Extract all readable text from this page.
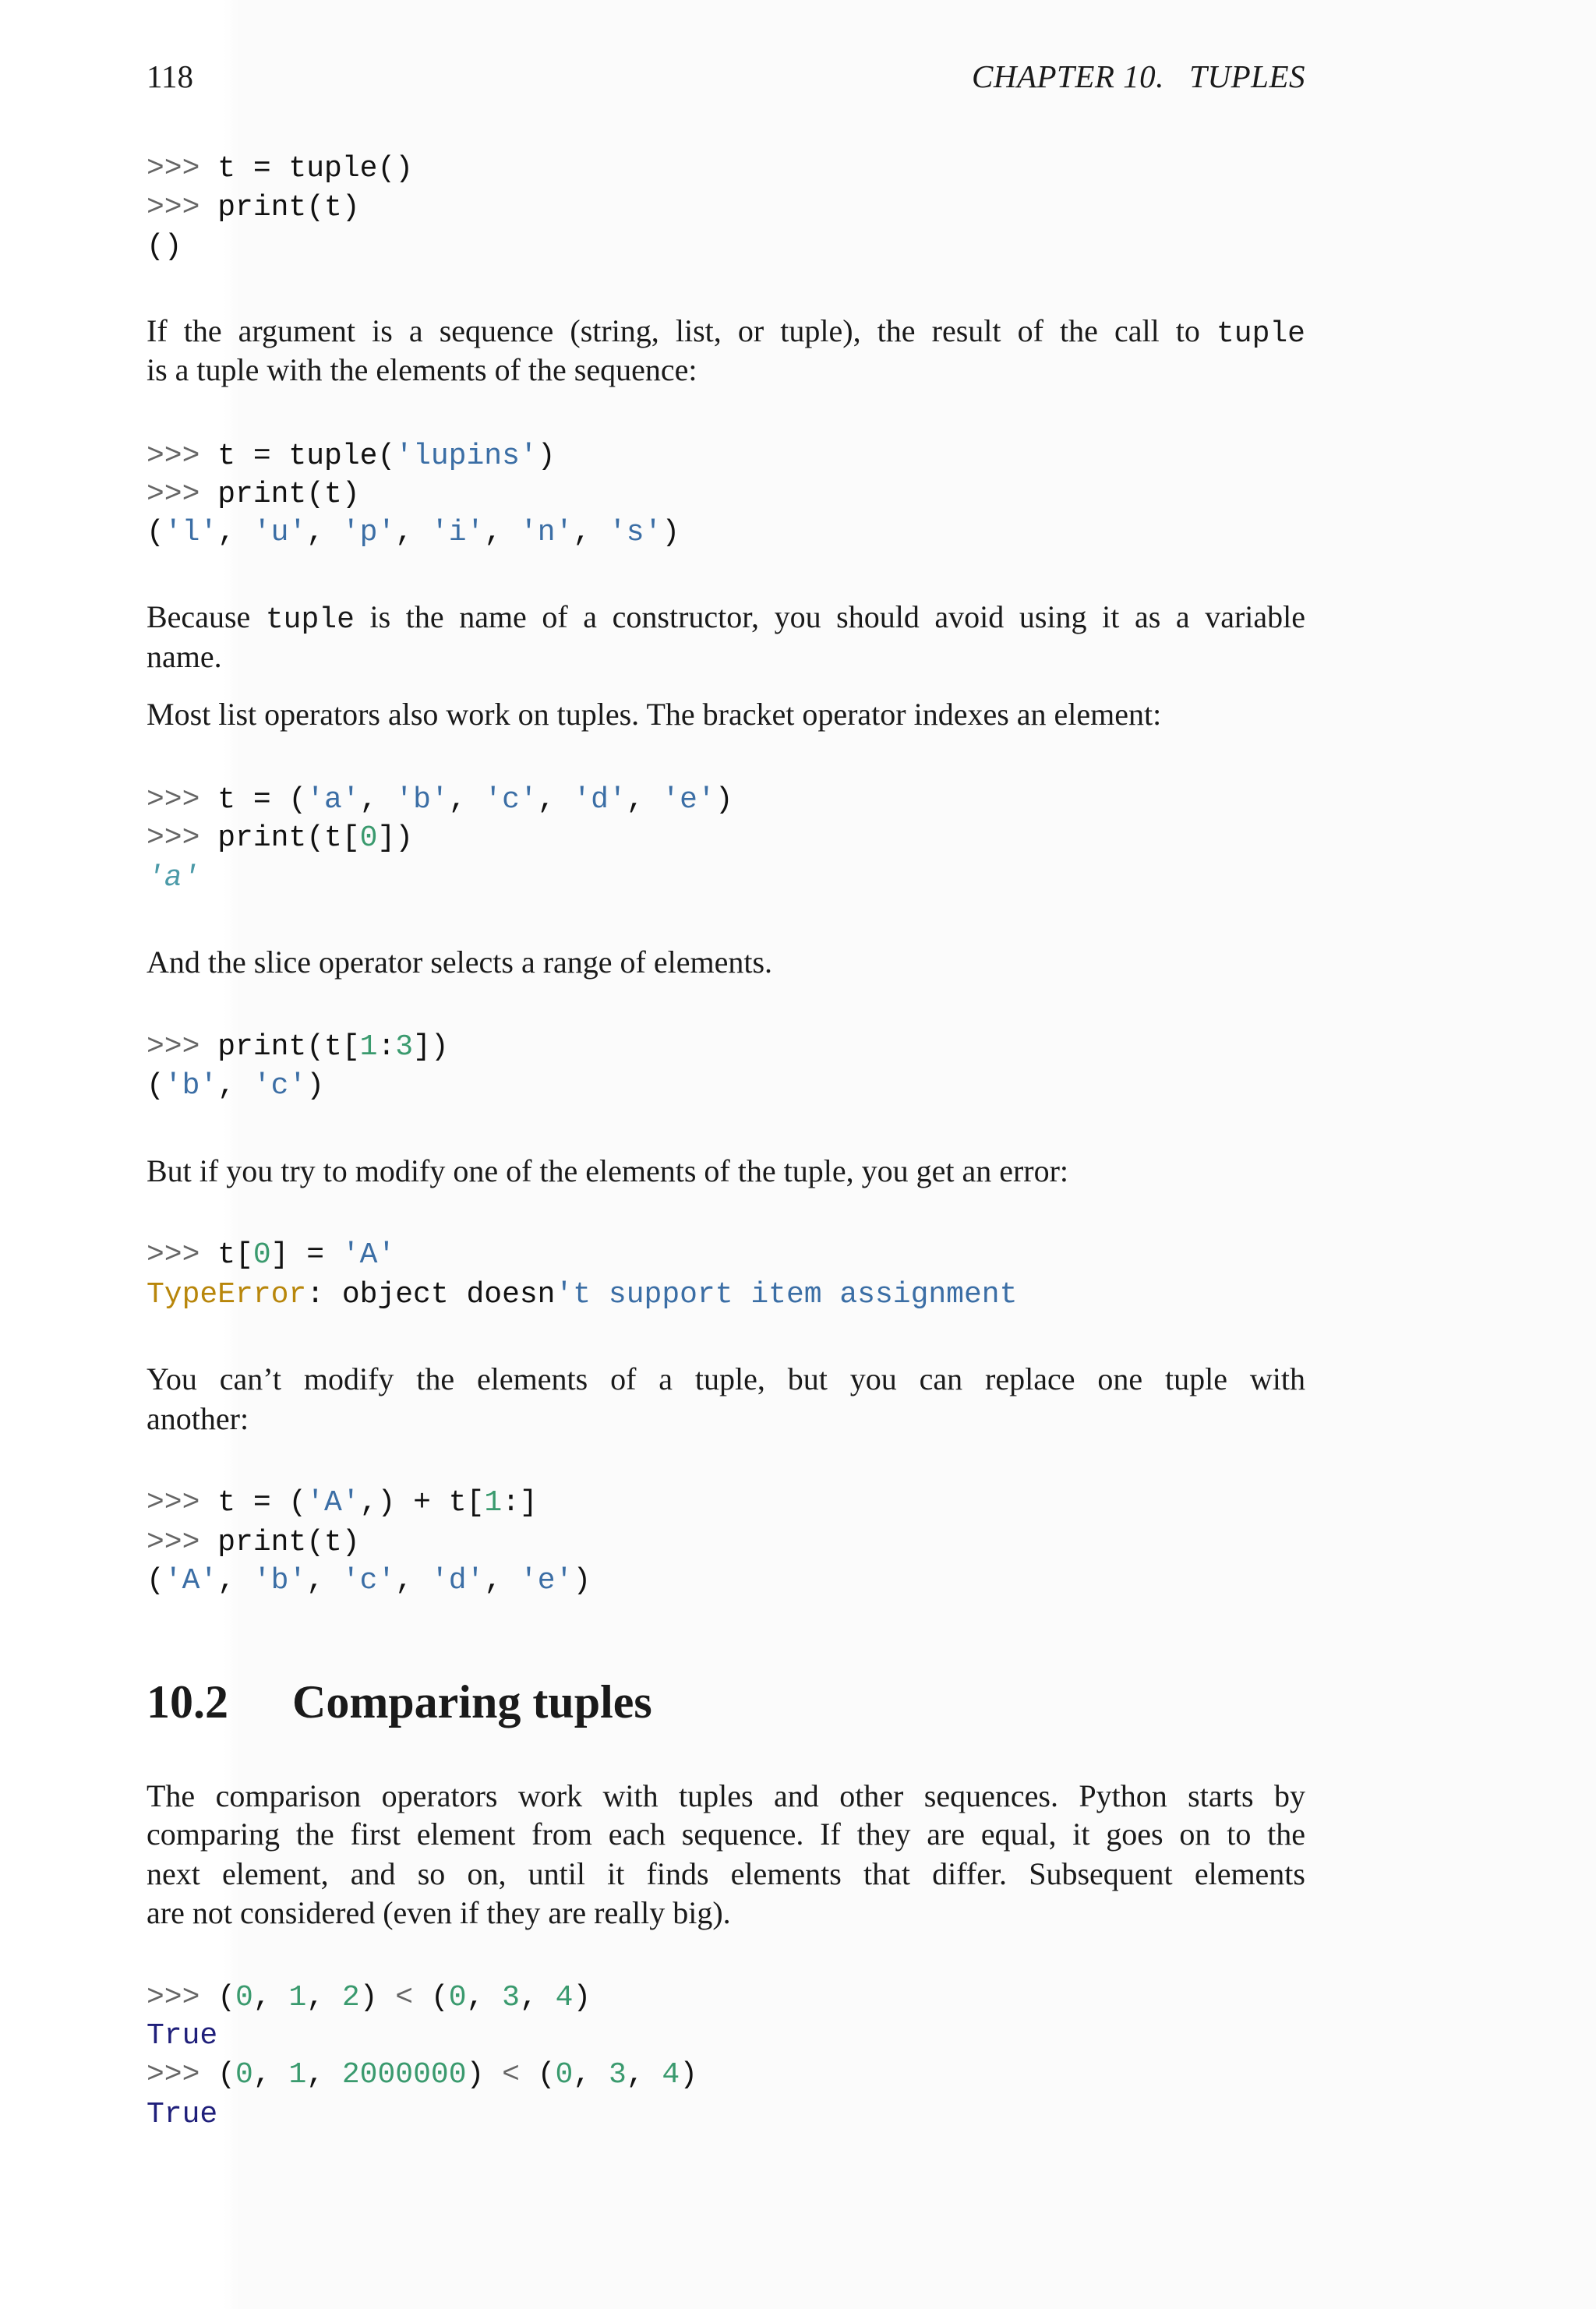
118	CHAPTER 10.   TUPLES
>>> t = tuple()
>>> print(t)
()
If the argument is a sequence (string, list, or tuple), the result of the call to tuple
is a tuple with the elements of the sequence:
>>> t = tuple('lupins')
>>> print(t)
('l', 'u', 'p', 'i', 'n', 's')
Because tuple is the name of a constructor, you should avoid using it as a variable
name.
Most list operators also work on tuples. The bracket operator indexes an element:
>>> t = ('a', 'b', 'c', 'd', 'e')
>>> print(t[0])
'a'
And the slice operator selects a range of elements.
>>> print(t[1:3])
('b', 'c')
But if you try to modify one of the elements of the tuple, you get an error:
>>> t[0] = 'A'
TypeError: object doesn't support item assignment
You can’t modify the elements of a tuple, but you can replace one tuple with
another:
>>> t = ('A',) + t[1:]
>>> print(t)
('A', 'b', 'c', 'd', 'e')
10.2 Comparing tuples
The comparison operators work with tuples and other sequences. Python starts by
comparing the first element from each sequence. If they are equal, it goes on to the
next element, and so on, until it finds elements that differ. Subsequent elements
are not considered (even if they are really big).
>>> (0, 1, 2) < (0, 3, 4)
True
>>> (0, 1, 2000000) < (0, 3, 4)
True
